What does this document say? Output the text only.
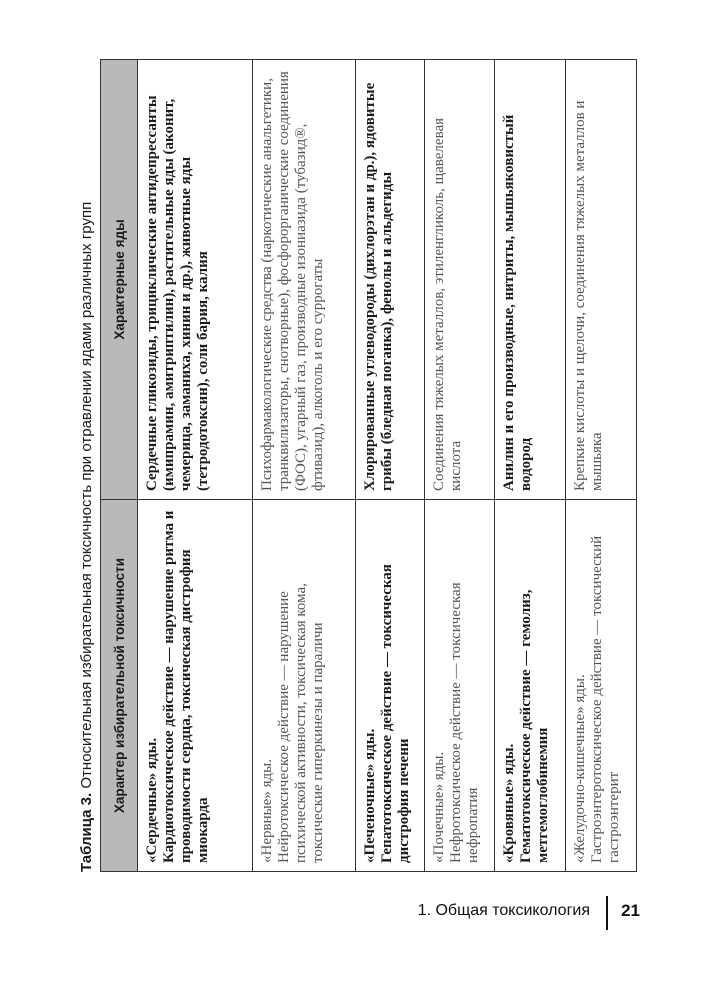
Таблица 3. Относительная избирательная токсичность при отравлении ядами различных групп Характер избирательной токсичности	Характерные яды
«Сердечные» яды.
Кардиотоксическое действие — нарушение ритма и проводимости сердца, токсическая дистрофия миокарда	Сердечные гликозиды, трициклические антидепрессанты (имипрамин, амитриптилин), растительные яды (аконит, чемерица, заманиха, хинин и др.), животные яды (тетродотоксин), соли бария, калия
«Нервные» яды.
Нейротоксическое действие — нарушение психической активности, токсическая кома, токсические гиперкинезы и параличи	Психофармакологические средства (наркотические анальгетики, транквилизаторы, снотворные), фосфорорганические соединения (ФОС), угарный газ, производные изониазида (тубазид®, фтивазид), алкоголь и его суррогаты
«Печеночные» яды.
Гепатотоксическое действие — токсическая дистрофия печени	Хлорированные углеводороды (дихлорэтан и др.), ядовитые грибы (бледная поганка), фенолы и альдегиды
«Почечные» яды.
Нефротоксическое действие — токсическая нефропатия	Соединения тяжелых металлов, этиленгликоль, щавелевая кислота
«Кровяные» яды.
Гематотоксическое действие — гемолиз, метгемоглобинемия	Анилин и его производные, нитриты, мышьяковистый водород
«Желудочно-кишечные» яды.
Гастроэнтеротоксическое действие — токсический гастроэнтерит	Крепкие кислоты и щелочи, соединения тяжелых металлов и мышьяка
1. Общая токсикология 21
